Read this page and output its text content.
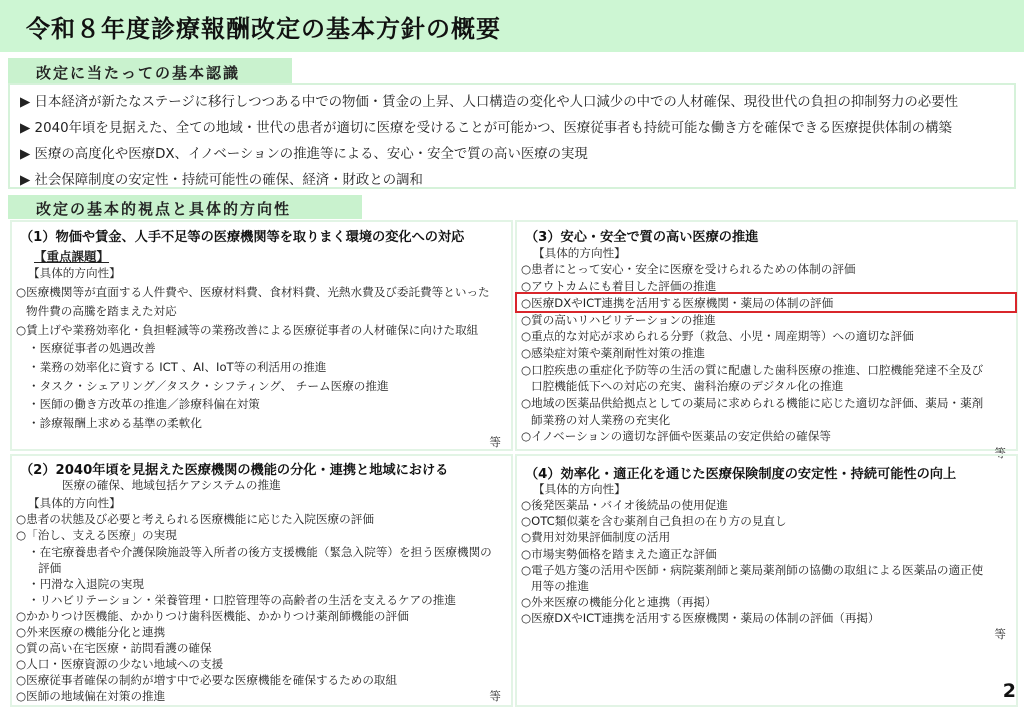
令和８年度診療報酬改定の基本方針の概要
改定に当たっての基本認識
▶ 日本経済が新たなステージに移行しつつある中での物価・賃金の上昇、人口構造の変化や人口減少の中での人材確保、現役世代の負担の抑制努力の必要性
▶ 2040年頃を見据えた、全ての地域・世代の患者が適切に医療を受けることが可能かつ、医療従事者も持続可能な働き方を確保できる医療提供体制の構築
▶ 医療の高度化や医療DX、イノベーションの推進等による、安心・安全で質の高い医療の実現
▶ 社会保障制度の安定性・持続可能性の確保、経済・財政との調和
改定の基本的視点と具体的方向性
（1）物価や賃金、人手不足等の医療機関等を取りまく環境の変化への対応
【重点課題】
【具体的方向性】
○医療機関等が直面する人件費や、医療材料費、食材料費、光熱水費及び委託費等といった
物件費の高騰を踏まえた対応
○賃上げや業務効率化・負担軽減等の業務改善による医療従事者の人材確保に向けた取組
・医療従事者の処遇改善
・業務の効率化に資する ICT 、AI、IoT等の利活用の推進
・タスク・シェアリング／タスク・シフティング、 チーム医療の推進
・医師の働き方改革の推進／診療科偏在対策
・診療報酬上求める基準の柔軟化
等
（3）安心・安全で質の高い医療の推進
【具体的方向性】
○患者にとって安心・安全に医療を受けられるための体制の評価
○アウトカムにも着目した評価の推進
○医療DXやICT連携を活用する医療機関・薬局の体制の評価
○質の高いリハビリテーションの推進
○重点的な対応が求められる分野（救急、小児・周産期等）への適切な評価
○感染症対策や薬剤耐性対策の推進
○口腔疾患の重症化予防等の生活の質に配慮した歯科医療の推進、口腔機能発達不全及び
口腔機能低下への対応の充実、歯科治療のデジタル化の推進
○地域の医薬品供給拠点としての薬局に求められる機能に応じた適切な評価、薬局・薬剤
師業務の対人業務の充実化
○イノベーションの適切な評価や医薬品の安定供給の確保等
等
（2）2040年頃を見据えた医療機関の機能の分化・連携と地域における
医療の確保、地域包括ケアシステムの推進
【具体的方向性】
○患者の状態及び必要と考えられる医療機能に応じた入院医療の評価
○「治し、支える医療」の実現
・在宅療養患者や介護保険施設等入所者の後方支援機能（緊急入院等）を担う医療機関の
評価
・円滑な入退院の実現
・リハビリテーション・栄養管理・口腔管理等の高齢者の生活を支えるケアの推進
○かかりつけ医機能、かかりつけ歯科医機能、かかりつけ薬剤師機能の評価
○外来医療の機能分化と連携
○質の高い在宅医療・訪問看護の確保
○人口・医療資源の少ない地域への支援
○医療従事者確保の制約が増す中で必要な医療機能を確保するための取組
○医師の地域偏在対策の推進	等
（4）効率化・適正化を通じた医療保険制度の安定性・持続可能性の向上
【具体的方向性】
○後発医薬品・バイオ後続品の使用促進
○OTC類似薬を含む薬剤自己負担の在り方の見直し
○費用対効果評価制度の活用
○市場実勢価格を踏まえた適正な評価
○電子処方箋の活用や医師・病院薬剤師と薬局薬剤師の協働の取組による医薬品の適正使
用等の推進
○外来医療の機能分化と連携（再掲）
○医療DXやICT連携を活用する医療機関・薬局の体制の評価（再掲）
等
2
